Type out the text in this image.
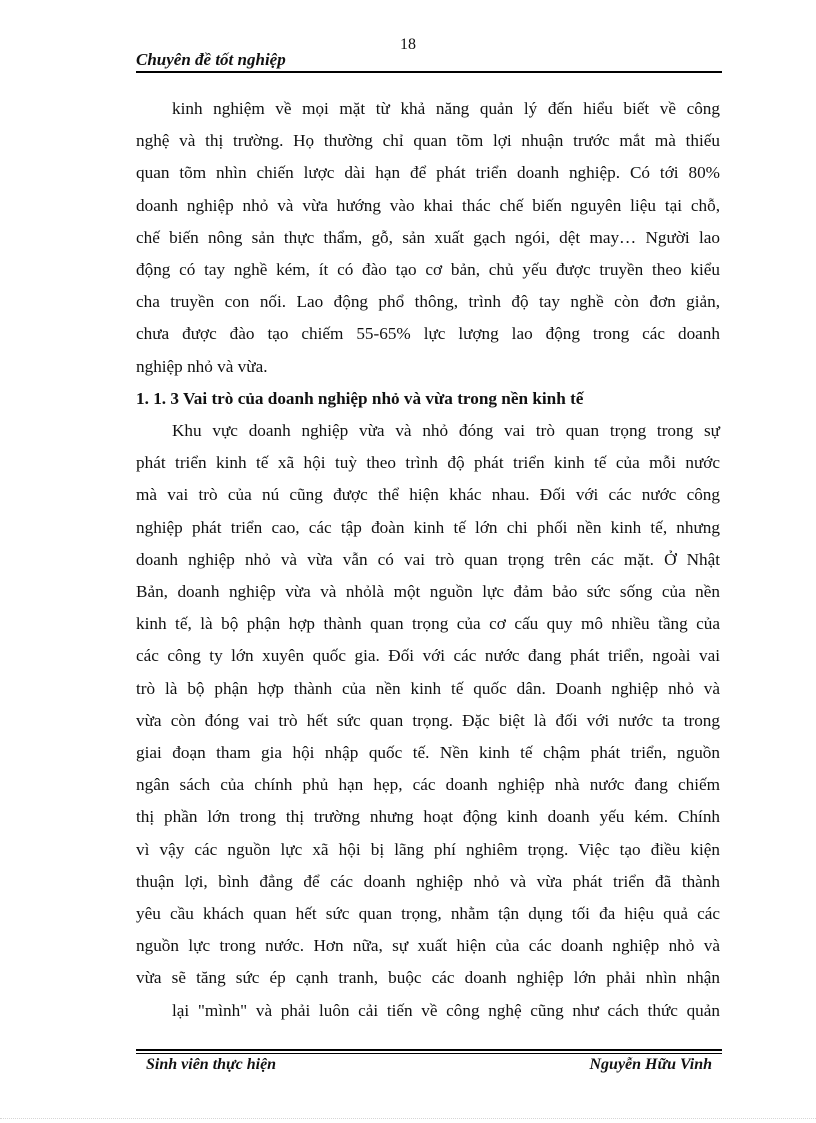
18
Chuyên đề tốt nghiệp
kinh nghiệm về mọi mặt từ khả năng quản lý đến hiểu biết về công
nghệ và thị trường. Họ thường chỉ quan tõm lợi nhuận trước mắt mà thiếu
quan tõm nhìn chiến lược dài hạn để phát triển doanh nghiệp. Có tới 80%
doanh nghiệp nhỏ và vừa hướng vào khai thác chế biến nguyên liệu tại chỗ,
chế biến nông sản thực thẩm, gỗ, sản xuất gạch ngói, dệt may… Người lao
động có tay nghề kém, ít có đào tạo cơ bản, chủ yếu được truyền theo kiểu
cha truyền con nối. Lao động phổ thông, trình độ tay nghề còn đơn giản,
chưa được đào tạo chiếm 55-65% lực lượng lao động trong các doanh
nghiệp nhỏ và vừa.
1. 1. 3 Vai trò của doanh nghiệp nhỏ và vừa trong nền kinh tế
Khu vực doanh nghiệp vừa và nhỏ đóng vai trò quan trọng trong sự
phát triển kinh tế xã hội tuỳ theo trình độ phát triển kinh tế của mỗi nước
mà vai trò của nú cũng được thể hiện khác nhau. Đối với các nước công
nghiệp phát triển cao, các tập đoàn kinh tế lớn chi phối nền kinh tế, nhưng
doanh nghiệp nhỏ và vừa vẫn có vai trò quan trọng trên các mặt. Ở Nhật
Bản, doanh nghiệp vừa và nhỏlà một nguồn lực đảm bảo sức sống của nền
kinh tế, là bộ phận hợp thành quan trọng của cơ cấu quy mô nhiều tầng của
các công ty lớn xuyên quốc gia. Đối với các nước đang phát triển, ngoài vai
trò là bộ phận hợp thành của nền kinh tế quốc dân. Doanh nghiệp nhỏ và
vừa còn đóng vai trò hết sức quan trọng. Đặc biệt là đối với nước ta trong
giai đoạn tham gia hội nhập quốc tế. Nền kinh tế chậm phát triển, nguồn
ngân sách của chính phủ hạn hẹp, các doanh nghiệp nhà nước đang chiếm
thị phần lớn trong thị trường nhưng hoạt động kinh doanh yếu kém. Chính
vì vậy các nguồn lực xã hội bị lãng phí nghiêm trọng. Việc tạo điều kiện
thuận lợi, bình đẳng để các doanh nghiệp nhỏ và vừa phát triển đã thành
yêu cầu khách quan hết sức quan trọng, nhằm tận dụng tối đa hiệu quả các
nguồn lực trong nước. Hơn nữa, sự xuất hiện của các doanh nghiệp nhỏ và
vừa sẽ tăng sức ép cạnh tranh, buộc các doanh nghiệp lớn phải nhìn nhận
lại "mình" và phải luôn cải tiến về công nghệ cũng như cách thức quản
Sinh viên thực hiện	Nguyễn Hữu Vinh
